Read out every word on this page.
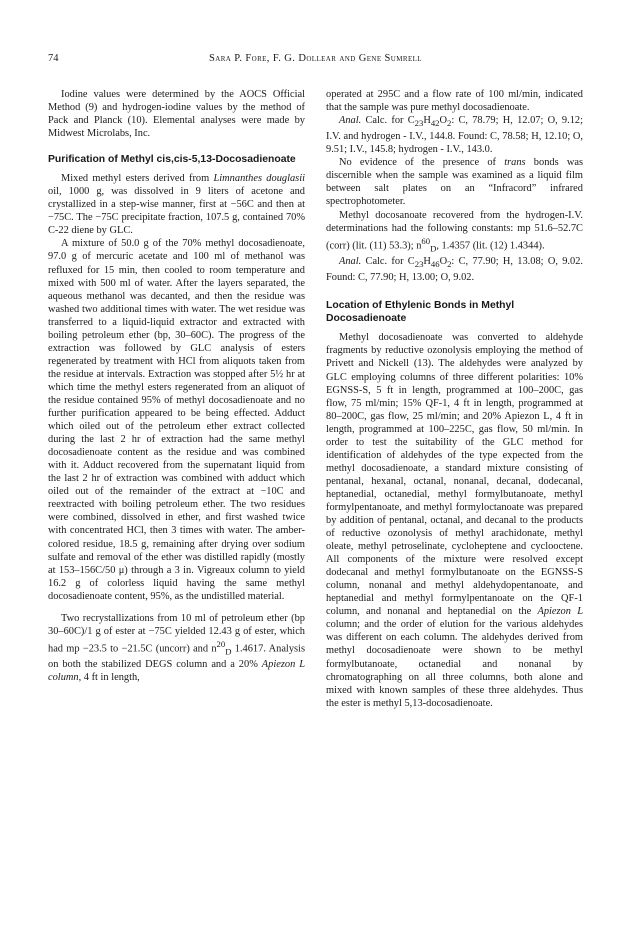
74	Sara P. Fore, F. G. Dollear and Gene Sumrell

Iodine values were determined by the AOCS Official Method (9) and hydrogen-iodine values by the method of Pack and Planck (10). Elemental analyses were made by Midwest Microlabs, Inc.

Purification of Methyl cis,cis-5,13-Docosadienoate

Mixed methyl esters derived from Limnanthes douglasii oil, 1000 g, was dissolved in 9 liters of acetone and crystallized in a step-wise manner, first at −56C and then at −75C. The −75C precipitate fraction, 107.5 g, contained 70% C-22 diene by GLC.

A mixture of 50.0 g of the 70% methyl docosadienoate, 97.0 g of mercuric acetate and 100 ml of methanol was refluxed for 15 min, then cooled to room temperature and mixed with 500 ml of water. After the layers separated, the aqueous methanol was decanted, and then the residue was washed two additional times with water. The wet residue was transferred to a liquid-liquid extractor and extracted with boiling petroleum ether (bp, 30–60C). The progress of the extraction was followed by GLC analysis of esters regenerated by treatment with HCl from aliquots taken from the residue at intervals. Extraction was stopped after 5½ hr at which time the methyl esters regenerated from an aliquot of the residue contained 95% of methyl docosadienoate and no further purification appeared to be being effected. Adduct which oiled out of the petroleum ether extract collected during the last 2 hr of extraction had the same methyl docosadienoate content as the residue and was combined with it. Adduct recovered from the supernatant liquid from the last 2 hr of extraction was combined with adduct which oiled out of the remainder of the extract at −10C and reextracted with boiling petroleum ether. The two residues were combined, dissolved in ether, and first washed twice with concentrated HCl, then 3 times with water. The amber-colored residue, 18.5 g, remaining after drying over sodium sulfate and removal of the ether was distilled rapidly (mostly at 153–156C/50 μ) through a 3 in. Vigreaux column to yield 16.2 g of colorless liquid having the same methyl docosadienoate content, 95%, as the undistilled material.

Two recrystallizations from 10 ml of petroleum ether (bp 30–60C)/1 g of ester at −75C yielded 12.43 g of ester, which had mp −23.5 to −21.5C (uncorr) and $n^{20}_D$ 1.4617. Analysis on both the stabilized DEGS column and a 20% Apiezon L column, 4 ft in length,

operated at 295C and a flow rate of 100 ml/min, indicated that the sample was pure methyl docosadienoate.

Anal. Calc. for $C_{23}H_{42}O_2$: C, 78.79; H, 12.07; O, 9.12; I.V. and hydrogen - I.V., 144.8. Found: C, 78.58; H, 12.10; O, 9.51; I.V., 145.8; hydrogen - I.V., 143.0.

No evidence of the presence of trans bonds was discernible when the sample was examined as a liquid film between salt plates on an “Infracord” infrared spectrophotometer.

Methyl docosanoate recovered from the hydrogen-I.V. determinations had the following constants: mp 51.6–52.7C (corr) (lit. (11) 53.3); $n^{60}_D$, 1.4357 (lit. (12) 1.4344).

Anal. Calc. for $C_{23}H_{46}O_2$: C, 77.90; H, 13.08; O, 9.02. Found: C, 77.90; H, 13.00; O, 9.02.

Location of Ethylenic Bonds in Methyl Docosadienoate

Methyl docosadienoate was converted to aldehyde fragments by reductive ozonolysis employing the method of Privett and Nickell (13). The aldehydes were analyzed by GLC employing columns of three different polarities: 10% EGNSS-S, 5 ft in length, programmed at 100–200C, gas flow, 75 ml/min; 15% QF-1, 4 ft in length, programmed at 80–200C, gas flow, 25 ml/min; and 20% Apiezon L, 4 ft in length, programmed at 100–225C, gas flow, 50 ml/min. In order to test the suitability of the GLC method for identification of aldehydes of the type expected from the methyl docosadienoate, a standard mixture consisting of pentanal, hexanal, octanal, nonanal, decanal, dodecanal, heptanedial, octanedial, methyl formylbutanoate, methyl formylpentanoate, and methyl formyloctanoate was prepared by addition of pentanal, octanal, and decanal to the products of reductive ozonolysis of methyl arachidonate, methyl oleate, methyl petroselinate, cycloheptene and cyclooctene. All components of the mixture were resolved except dodecanal and methyl formylbutanoate on the EGNSS-S column, nonanal and methyl aldehydopentanoate, and heptanedial and methyl formylpentanoate on the QF-1 column, and nonanal and heptanedial on the Apiezon L column; and the order of elution for the various aldehydes was different on each column. The aldehydes derived from methyl docosadienoate were shown to be methyl formylbutanoate, octanedial and nonanal by chromatographing on all three columns, both alone and mixed with known samples of these three aldehydes. Thus the ester is methyl 5,13-docosadienoate.
